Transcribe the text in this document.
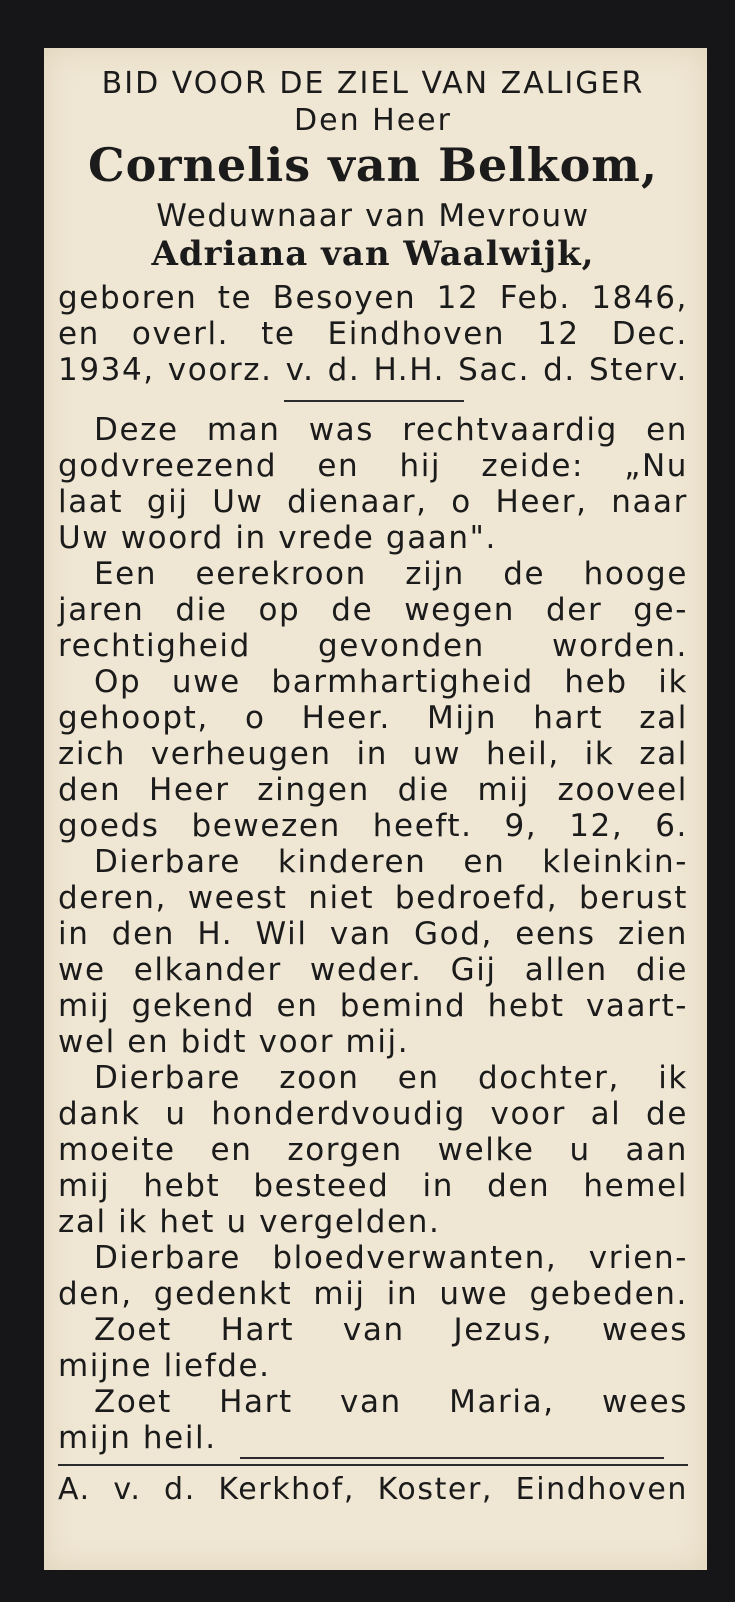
BID VOOR DE ZIEL VAN ZALIGER
Den Heer
Cornelis van Belkom,
Weduwnaar van Mevrouw
Adriana van Waalwijk,
geboren te Besoyen 12 Feb. 1846,
en overl. te Eindhoven 12 Dec.
1934, voorz. v. d. H.H. Sac. d. Sterv.
Deze man was rechtvaardig en
godvreezend en hij zeide: „Nu
laat gij Uw dienaar, o Heer, naar
Uw woord in vrede gaan".
Een eerekroon zijn de hooge
jaren die op de wegen der ge-
rechtigheid gevonden worden.
Op uwe barmhartigheid heb ik
gehoopt, o Heer. Mijn hart zal
zich verheugen in uw heil, ik zal
den Heer zingen die mij zooveel
goeds bewezen heeft. 9, 12, 6.
Dierbare kinderen en kleinkin-
deren, weest niet bedroefd, berust
in den H. Wil van God, eens zien
we elkander weder. Gij allen die
mij gekend en bemind hebt vaart-
wel en bidt voor mij.
Dierbare zoon en dochter, ik
dank u honderdvoudig voor al de
moeite en zorgen welke u aan
mij hebt besteed in den hemel
zal ik het u vergelden.
Dierbare bloedverwanten, vrien-
den, gedenkt mij in uwe gebeden.
Zoet Hart van Jezus, wees
mijne liefde.
Zoet Hart van Maria, wees
mijn heil.
A. v. d. Kerkhof, Koster, Eindhoven
